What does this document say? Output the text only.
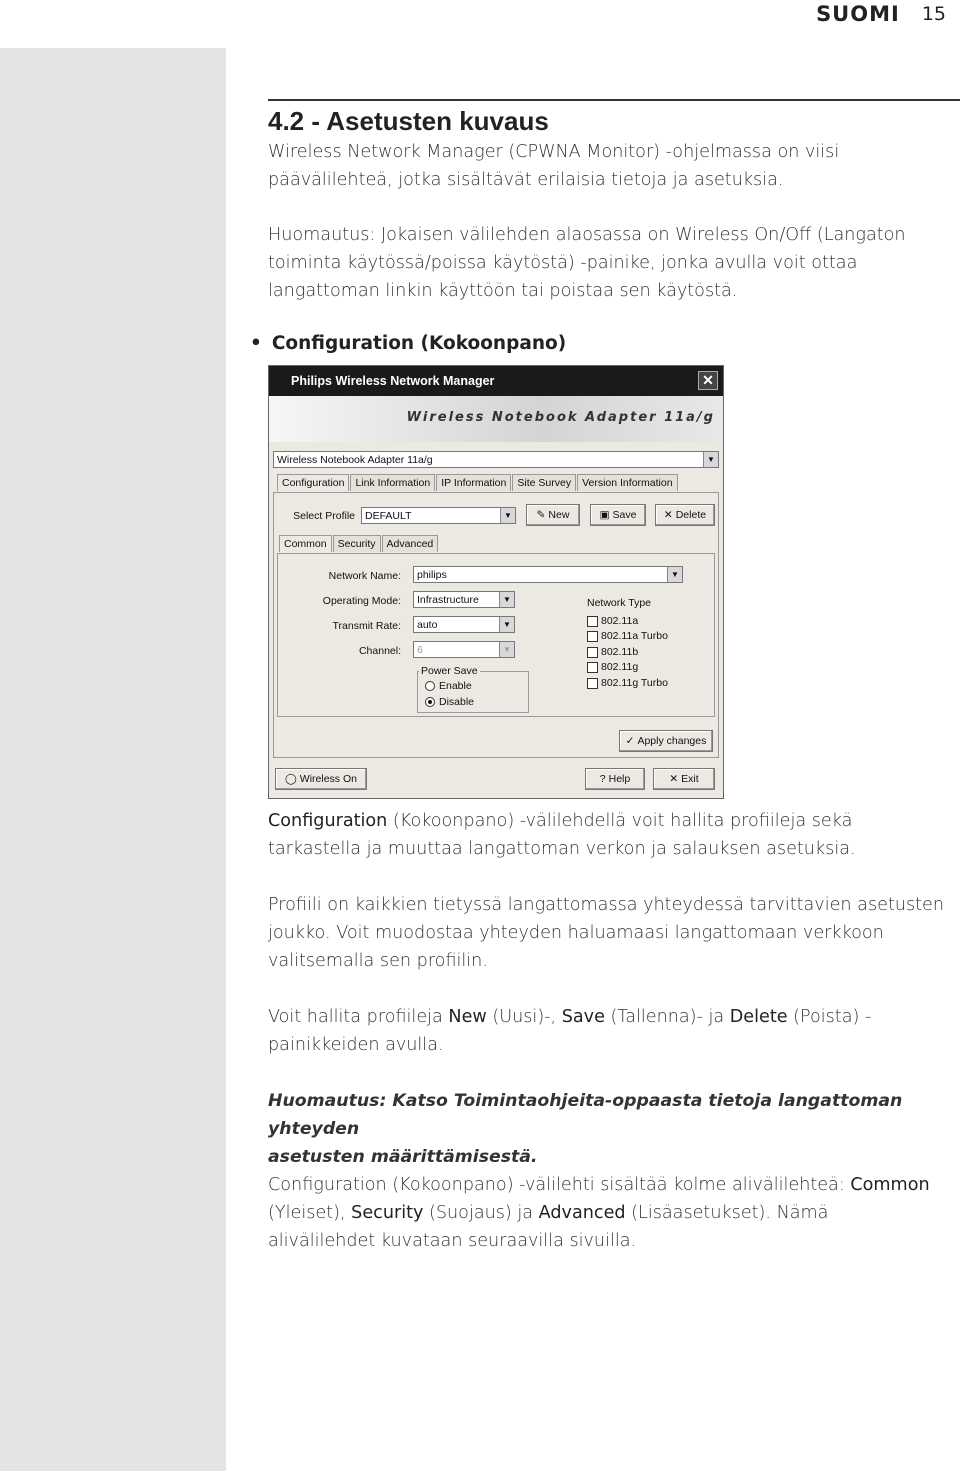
SUOMI 15
4.2 - Asetusten kuvaus
Wireless Network Manager (CPWNA Monitor) -ohjelmassa on viisi
päävälilehteä, jotka sisältävät erilaisia tietoja ja asetuksia.
Huomautus: Jokaisen välilehden alaosassa on Wireless On/Off (Langaton
toiminta käytössä/poissa käytöstä) -painike, jonka avulla voit ottaa
langattoman linkin käyttöön tai poistaa sen käytöstä.
• Configuration (Kokoonpano)
Philips Wireless Network Manager	✕
Wireless Notebook Adapter 11a/g
Wireless Notebook Adapter 11a/g	▼
Configuration	Link Information	IP Information	Site Survey	Version Information
Select Profile DEFAULT	▼ ✎ New	▣ Save	✕ Delete
Common	Security	Advanced
Network Name:	philips	▼
Operating Mode:	Infrastructure	▼
Transmit Rate:	auto	▼
Channel:	6	▼
Power Save
Enable
Disable
Network Type
802.11a
802.11a Turbo
802.11b
802.11g
802.11g Turbo
✓ Apply changes
◯ Wireless On	? Help	✕ Exit
Configuration (Kokoonpano) -välilehdellä voit hallita profiileja sekä
tarkastella ja muuttaa langattoman verkon ja salauksen asetuksia.
Profiili on kaikkien tietyssä langattomassa yhteydessä tarvittavien asetusten
joukko. Voit muodostaa yhteyden haluamaasi langattomaan verkkoon
valitsemalla sen profiilin.
Voit hallita profiileja New (Uusi)-, Save (Tallenna)- ja Delete (Poista) -
painikkeiden avulla.
Huomautus: Katso Toimintaohjeita-oppaasta tietoja langattoman yhteyden
asetusten määrittämisestä.
Configuration (Kokoonpano) -välilehti sisältää kolme alivälilehteä: Common
(Yleiset), Security (Suojaus) ja Advanced (Lisäasetukset). Nämä
alivälilehdet kuvataan seuraavilla sivuilla.
